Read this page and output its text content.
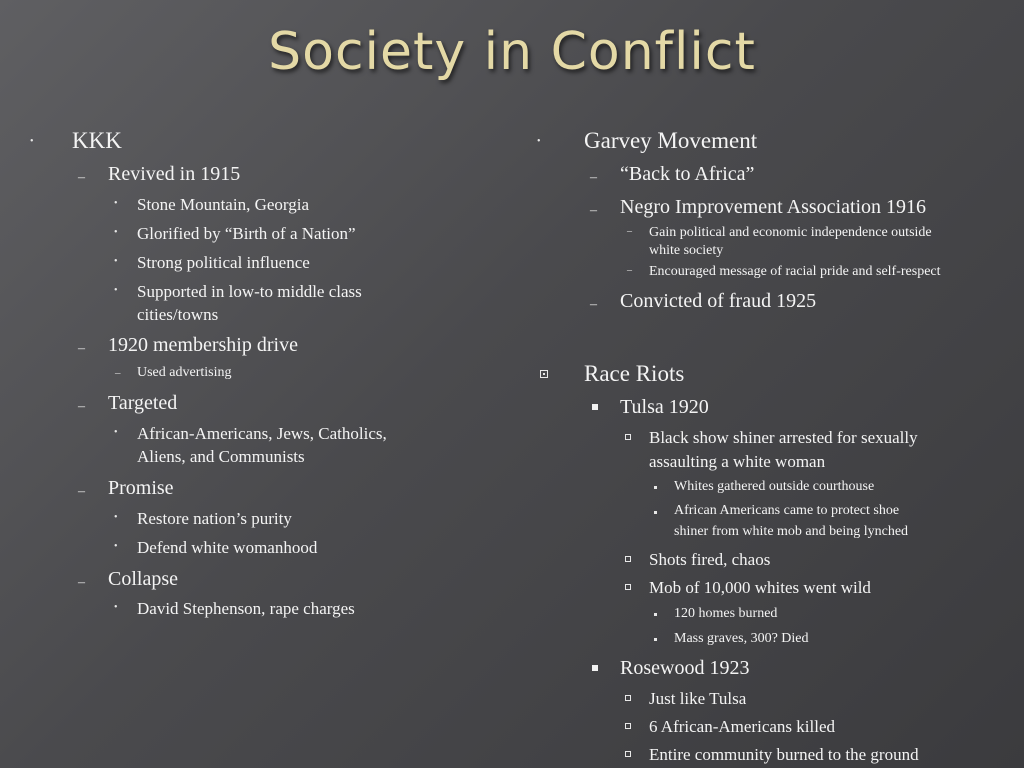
Society in Conflict
• KKK
– Revived in 1915
• Stone Mountain, Georgia
• Glorified by “Birth of a Nation”
• Strong political influence
• Supported in low-to middle class
cities/towns
– 1920 membership drive
– Used advertising
– Targeted
• African-Americans, Jews, Catholics,
Aliens, and Communists
– Promise
• Restore nation’s purity
• Defend white womanhood
– Collapse
• David Stephenson, rape charges
• Garvey Movement
– “Back to Africa”
– Negro Improvement Association 1916
– Gain political and economic independence outside
white society
– Encouraged message of racial pride and self-respect
– Convicted of fraud 1925
Race Riots
Tulsa 1920
Black show shiner arrested for sexually
assaulting a white woman
Whites gathered outside courthouse
African Americans came to protect shoe
shiner from white mob and being lynched
Shots fired, chaos
Mob of 10,000 whites went wild
120 homes burned
Mass graves, 300? Died
Rosewood 1923
Just like Tulsa
6 African-Americans killed
Entire community burned to the ground
